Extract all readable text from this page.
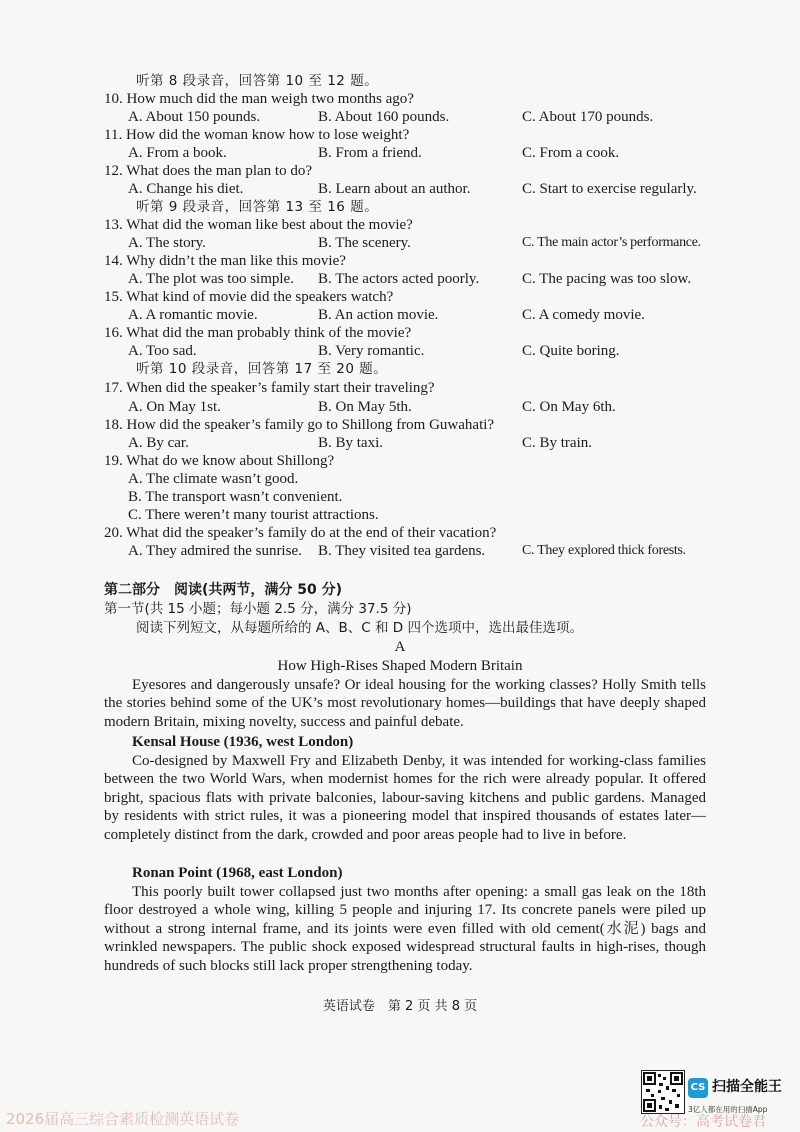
听第 8 段录音，回答第 10 至 12 题。
10. How much did the man weigh two months ago?
A. About 150 pounds.	B. About 160 pounds.	C. About 170 pounds.
11. How did the woman know how to lose weight?
A. From a book.	B. From a friend.	C. From a cook.
12. What does the man plan to do?
A. Change his diet.	B. Learn about an author.	C. Start to exercise regularly.
听第 9 段录音，回答第 13 至 16 题。
13. What did the woman like best about the movie?
A. The story.	B. The scenery.	C. The main actor’s performance.
14. Why didn’t the man like this movie?
A. The plot was too simple. B. The actors acted poorly.	C. The pacing was too slow.
15. What kind of movie did the speakers watch?
A. A romantic movie.	B. An action movie.	C. A comedy movie.
16. What did the man probably think of the movie?
A. Too sad.	B. Very romantic.	C. Quite boring.
听第 10 段录音，回答第 17 至 20 题。
17. When did the speaker’s family start their traveling?
A. On May 1st.	B. On May 5th.	C. On May 6th.
18. How did the speaker’s family go to Shillong from Guwahati?
A. By car.	B. By taxi.	C. By train.
19. What do we know about Shillong?
A. The climate wasn’t good.
B. The transport wasn’t convenient.
C. There weren’t many tourist attractions.
20. What did the speaker’s family do at the end of their vacation?
A. They admired the sunrise. B. They visited tea gardens.	C. They explored thick forests.
第二部分　阅读(共两节，满分 50 分)
第一节(共 15 小题；每小题 2.5 分，满分 37.5 分)
阅读下列短文，从每题所给的 A、B、C 和 D 四个选项中，选出最佳选项。
A
How High-Rises Shaped Modern Britain

Eyesores and dangerously unsafe? Or ideal housing for the working classes? Holly Smith tells the stories behind some of the UK’s most revolutionary homes—buildings that have deeply shaped modern Britain, mixing novelty, success and painful debate.

Kensal House (1936, west London)

Co-designed by Maxwell Fry and Elizabeth Denby, it was intended for working-class families between the two World Wars, when modernist homes for the rich were already popular. It offered bright, spacious flats with private balconies, labour-saving kitchens and public gardens. Managed by residents with strict rules, it was a pioneering model that inspired thousands of estates later—completely distinct from the dark, crowded and poor areas people had to live in before.

Ronan Point (1968, east London)

This poorly built tower collapsed just two months after opening: a small gas leak on the 18th floor destroyed a whole wing, killing 5 people and injuring 17. Its concrete panels were piled up without a strong internal frame, and its joints were even filled with old cement(水泥) bags and wrinkled newspapers. The public shock exposed widespread structural faults in high-rises, though hundreds of such blocks still lack proper strengthening today.

英语试卷　第 2 页 共 8 页
2026届高三综合素质检测英语试卷
CS 扫描全能王
3亿人都在用的扫描App
公众号：高考试卷君
